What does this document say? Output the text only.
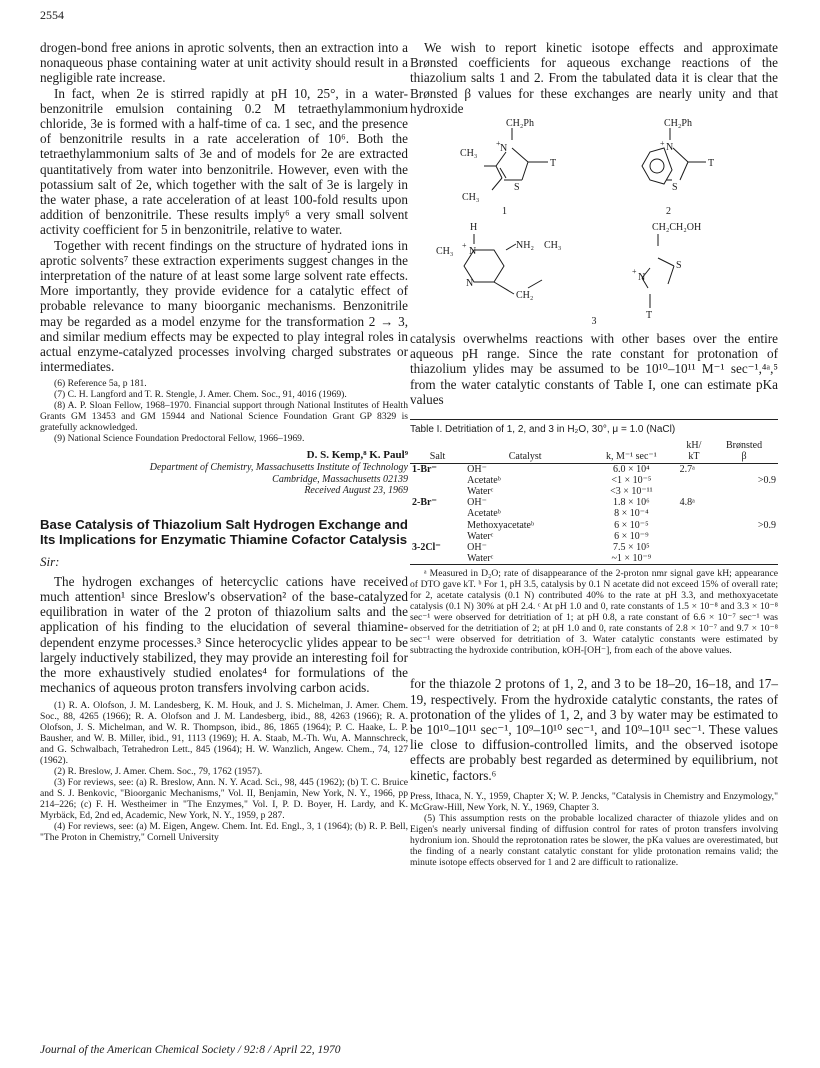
2554

drogen-bond free anions in aprotic solvents, then an extraction into a nonaqueous phase containing water at unit activity should result in a negligible rate increase.

In fact, when 2e is stirred rapidly at pH 10, 25°, in a water-benzonitrile emulsion containing 0.2 M tetraethylammonium chloride, 3e is formed with a half-time of ca. 1 sec, and the presence of benzonitrile results in a rate acceleration of 10⁶. Both the tetraethylammonium salts of 3e and of models for 2e are extracted quantitatively from water into benzonitrile. However, even with the potassium salt of 2e, which together with the salt of 3e is largely in the water phase, a rate acceleration of at least 100-fold results upon addition of benzonitrile. These results imply⁶ a very small solvent activity coefficient for 5 in benzonitrile, relative to water.

Together with recent findings on the structure of hydrated ions in aprotic solvents⁷ these extraction experiments suggest changes in the interpretation of the nature of at least some large solvent rate effects. More importantly, they provide evidence for a catalytic effect of probable relevance to many bioorganic mechanisms. Benzonitrile may be regarded as a model enzyme for the transformation 2 → 3, and similar medium effects may be expected to play integral roles in actual enzyme-catalyzed processes involving charged substrates or intermediates.

(6) Reference 5a, p 181.

(7) C. H. Langford and T. R. Stengle, J. Amer. Chem. Soc., 91, 4016 (1969).

(8) A. P. Sloan Fellow, 1968–1970. Financial support through National Institutes of Health Grants GM 13453 and GM 15944 and National Science Foundation Grant GP 8329 is gratefully acknowledged.

(9) National Science Foundation Predoctoral Fellow, 1966–1969.

D. S. Kemp,⁸ K. Paul⁹
Department of Chemistry, Massachusetts Institute of Technology
Cambridge, Massachusetts 02139
Received August 23, 1969

Base Catalysis of Thiazolium Salt Hydrogen Exchange and Its Implications for Enzymatic Thiamine Cofactor Catalysis

Sir:

The hydrogen exchanges of hetercyclic cations have received much attention¹ since Breslow's observation² of the base-catalyzed equilibration in water of the 2 proton of thiazolium salts and the application of his finding to the elucidation of several thiamine-dependent enzyme processes.³ Since heterocyclic ylides appear to be largely inductively stabilized, they may provide an interesting foil for the more exhaustively studied enolates⁴ for formulations of the mechanics of aqueous proton transfers involving carbon acids.

(1) R. A. Olofson, J. M. Landesberg, K. M. Houk, and J. S. Michelman, J. Amer. Chem. Soc., 88, 4265 (1966); R. A. Olofson and J. M. Landesberg, ibid., 88, 4263 (1966); R. A. Olofson, J. S. Michelman, and W. R. Thompson, ibid., 86, 1865 (1964); P. C. Haake, L. P. Bausher, and W. B. Miller, ibid., 91, 1113 (1969); H. A. Staab, M.-Th. Wu, A. Mannschreck, and G. Schwalbach, Tetrahedron Lett., 845 (1964); H. W. Wanzlich, Angew. Chem., 74, 127 (1962).

(2) R. Breslow, J. Amer. Chem. Soc., 79, 1762 (1957).

(3) For reviews, see: (a) R. Breslow, Ann. N. Y. Acad. Sci., 98, 445 (1962); (b) T. C. Bruice and S. J. Benkovic, "Bioorganic Mechanisms," Vol. II, Benjamin, New York, N. Y., 1966, pp 214–226; (c) F. H. Westheimer in "The Enzymes," Vol. I, P. D. Boyer, H. Lardy, and K. Myrbäck, Ed, 2nd ed, Academic, New York, N. Y., 1959, p 287.

(4) For reviews, see: (a) M. Eigen, Angew. Chem. Int. Ed. Engl., 3, 1 (1964); (b) R. P. Bell, "The Proton in Chemistry," Cornell University

We wish to report kinetic isotope effects and approximate Brønsted coefficients for aqueous exchange reactions of the thiazolium salts 1 and 2. From the tabulated data it is clear that the Brønsted β values for these exchanges are nearly unity and that hydroxide

CH₂Ph
CH₃ N
+
S
T
CH₃
1
CH₂Ph
N
+
S
T
2
H
CH₃ N
+	NH₂
N
CH₂
CH₃
N
+
S
T
CH₂CH₂OH
3

catalysis overwhelms reactions with other bases over the entire aqueous pH range. Since the rate constant for protonation of thiazolium ylides may be assumed to be 10¹⁰–10¹¹ M⁻¹ sec⁻¹,⁴ᵃ,⁵ from the water catalytic constants of Table I, one can estimate pKa values

Table I. Detritiation of 1, 2, and 3 in H₂O, 30°, μ = 1.0 (NaCl)

			kH/	Brønsted
Salt	Catalyst	k, M⁻¹ sec⁻¹	kT	β
1-Br⁻	OH⁻	6.0 × 10⁴	2.7ᵃ	
	Acetateᵇ	<1 × 10⁻⁵		>0.9
	Waterᶜ	<3 × 10⁻¹¹		
2-Br⁻	OH⁻	1.8 × 10⁶	4.8ᵃ	
	Acetateᵇ	8 × 10⁻⁴		
	Methoxyacetateᵇ	6 × 10⁻⁵		>0.9
	Waterᶜ	6 × 10⁻⁹		
3-2Cl⁻	OH⁻	7.5 × 10⁵		
	Waterᶜ	~1 × 10⁻⁹		

ᵃ Measured in D₂O; rate of disappearance of the 2-proton nmr signal gave kH; appearance of DTO gave kT. ᵇ For 1, pH 3.5, catalysis by 0.1 N acetate did not exceed 15% of overall rate; for 2, acetate catalysis (0.1 N) contributed 40% to the rate at pH 3.3, and methoxyacetate catalysis (0.1 N) 30% at pH 2.4. ᶜ At pH 1.0 and 0, rate constants of 1.5 × 10⁻⁸ and 3.3 × 10⁻⁸ sec⁻¹ were observed for detritiation of 1; at pH 0.8, a rate constant of 6.6 × 10⁻⁷ sec⁻¹ was observed for the detritiation of 2; at pH 1.0 and 0, rate constants of 2.8 × 10⁻⁷ and 9.7 × 10⁻⁸ sec⁻¹ were observed for detritiation of 3. Water catalytic constants were estimated by subtracting the hydroxide contribution, kOH-[OH⁻], from each of the above values.

for the thiazole 2 protons of 1, 2, and 3 to be 18–20, 16–18, and 17–19, respectively. From the hydroxide catalytic constants, the rates of protonation of the ylides of 1, 2, and 3 by water may be estimated to be 10¹⁰–10¹¹ sec⁻¹, 10⁹–10¹⁰ sec⁻¹, and 10⁹–10¹¹ sec⁻¹. These values lie close to diffusion-controlled limits, and the observed isotope effects are probably best regarded as determined by equilibrium, not kinetic, factors.⁶

Press, Ithaca, N. Y., 1959, Chapter X; W. P. Jencks, "Catalysis in Chemistry and Enzymology," McGraw-Hill, New York, N. Y., 1969, Chapter 3.

(5) This assumption rests on the probable localized character of thiazole ylides and on Eigen's nearly universal finding of diffusion control for rates of proton transfers involving hydronium ion. Should the reprotonation rates be slower, the pKa values are overestimated, but the finding of a nearly constant catalytic constant for ylide protonation remains valid; the minute isotope effects observed for 1 and 2 are difficult to rationalize.

Journal of the American Chemical Society / 92:8 / April 22, 1970
